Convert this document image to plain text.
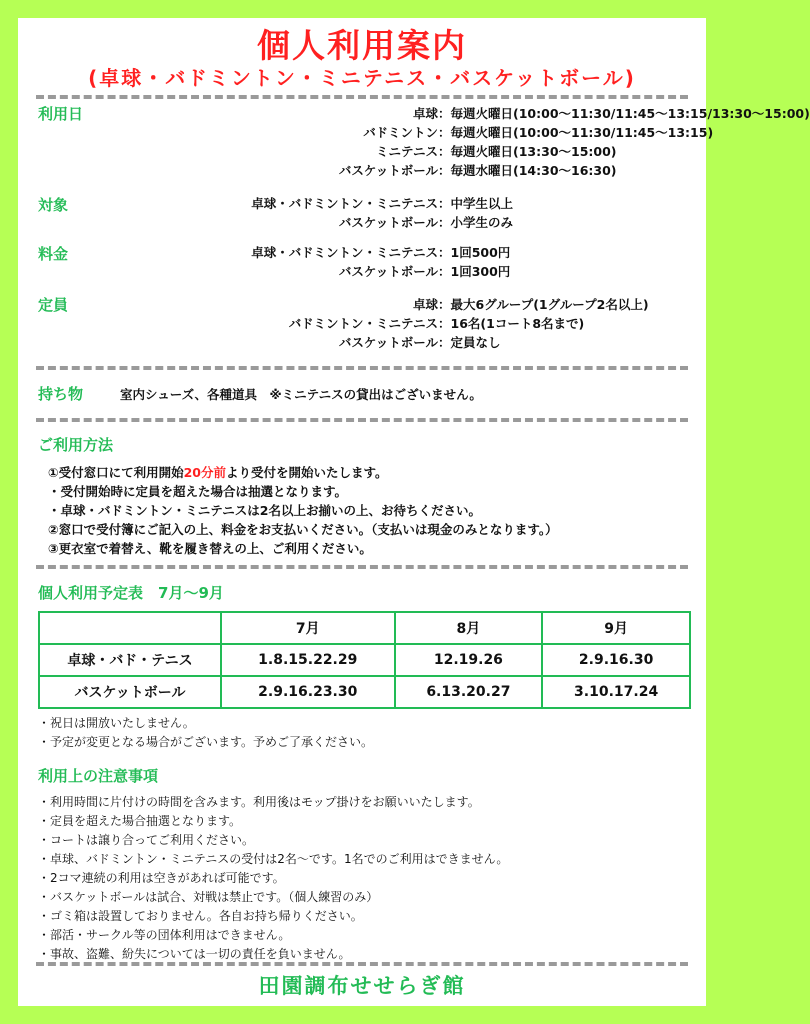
個人利用案内
(卓球・バドミントン・ミニテニス・バスケットボール)
利用日	卓球 ：毎週火曜日(10:00〜11:30/11:45〜13:15/13:30〜15:00)
バドミントン ：毎週火曜日(10:00〜11:30/11:45〜13:15)
ミニテニス ：毎週火曜日(13:30〜15:00)
バスケットボール ：毎週水曜日(14:30〜16:30)
対象	卓球・バドミントン・ミニテニス ：中学生以上
バスケットボール ：小学生のみ
料金	卓球・バドミントン・ミニテニス ：1回500円
バスケットボール ：1回300円
定員	卓球 ：最大6グループ(1グループ2名以上)
バドミントン・ミニテニス ：16名(1コート8名まで)
バスケットボール ：定員なし
持ち物	室内シューズ、各種道具　※ミニテニスの貸出はございません。
ご利用方法
①受付窓口にて利用開始20分前より受付を開始いたします。
・受付開始時に定員を超えた場合は抽選となります。
・卓球・バドミントン・ミニテニスは2名以上お揃いの上、お待ちください。
②窓口で受付簿にご記入の上、料金をお支払いください。（支払いは現金のみとなります。）
③更衣室で着替え、靴を履き替えの上、ご利用ください。
個人利用予定表　7月〜9月
	7月	8月	9月
卓球・バド・テニス	1.8.15.22.29	12.19.26	2.9.16.30
バスケットボール	2.9.16.23.30	6.13.20.27	3.10.17.24
・祝日は開放いたしません。
・予定が変更となる場合がございます。予めご了承ください。
利用上の注意事項
・利用時間に片付けの時間を含みます。利用後はモップ掛けをお願いいたします。
・定員を超えた場合抽選となります。
・コートは譲り合ってご利用ください。
・卓球、バドミントン・ミニテニスの受付は2名〜です。1名でのご利用はできません。
・2コマ連続の利用は空きがあれば可能です。
・バスケットボールは試合、対戦は禁止です。（個人練習のみ）
・ゴミ箱は設置しておりません。各自お持ち帰りください。
・部活・サークル等の団体利用はできません。
・事故、盗難、紛失については一切の責任を負いません。
田園調布せせらぎ館
